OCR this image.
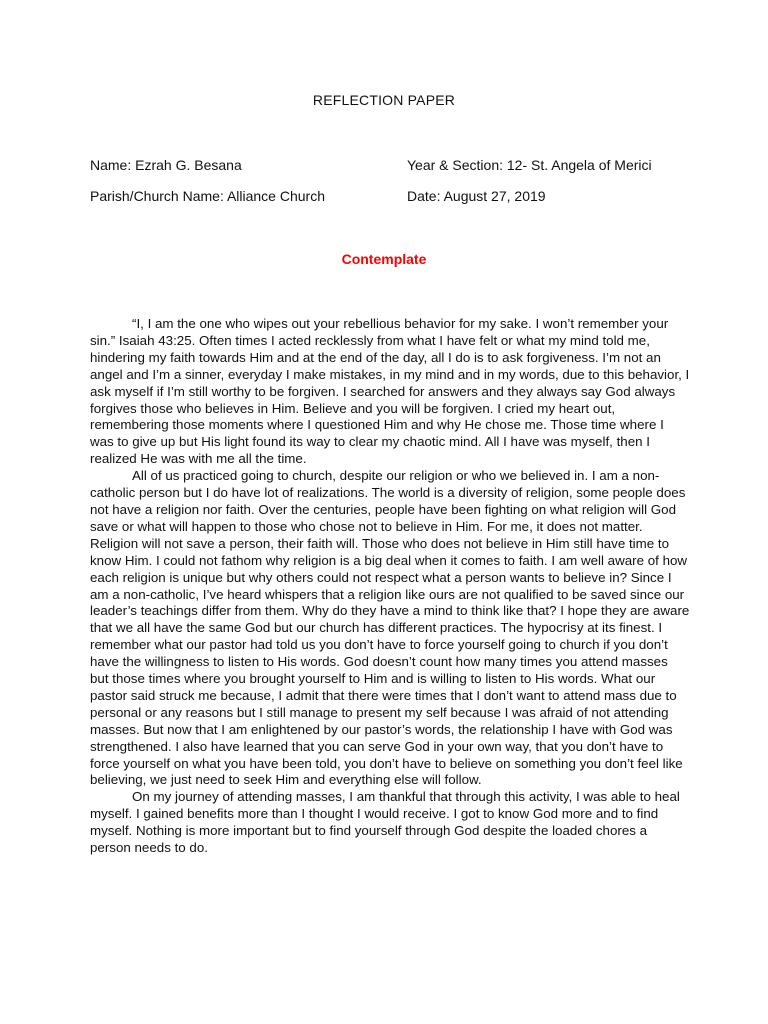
REFLECTION PAPER
Name: Ezrah G. Besana	Year & Section: 12- St. Angela of Merici
Parish/Church Name: Alliance Church	Date: August 27, 2019
Contemplate

“I, I am the one who wipes out your rebellious behavior for my sake. I won’t remember your sin.” Isaiah 43:25. Often times I acted recklessly from what I have felt or what my mind told me, hindering my faith towards Him and at the end of the day, all I do is to ask forgiveness. I’m not an angel and I’m a sinner, everyday I make mistakes, in my mind and in my words, due to this behavior, I ask myself if I’m still worthy to be forgiven. I searched for answers and they always say God always forgives those who believes in Him. Believe and you will be forgiven. I cried my heart out, remembering those moments where I questioned Him and why He chose me. Those time where I was to give up but His light found its way to clear my chaotic mind. All I have was myself, then I realized He was with me all the time.

All of us practiced going to church, despite our religion or who we believed in. I am a non-catholic person but I do have lot of realizations. The world is a diversity of religion, some people does not have a religion nor faith. Over the centuries, people have been fighting on what religion will God save or what will happen to those who chose not to believe in Him. For me, it does not matter. Religion will not save a person, their faith will. Those who does not believe in Him still have time to know Him. I could not fathom why religion is a big deal when it comes to faith. I am well aware of how each religion is unique but why others could not respect what a person wants to believe in? Since I am a non-catholic, I’ve heard whispers that a religion like ours are not qualified to be saved since our leader’s teachings differ from them. Why do they have a mind to think like that? I hope they are aware that we all have the same God but our church has different practices. The hypocrisy at its finest. I remember what our pastor had told us you don’t have to force yourself going to church if you don’t have the willingness to listen to His words. God doesn’t count how many times you attend masses but those times where you brought yourself to Him and is willing to listen to His words. What our pastor said struck me because, I admit that there were times that I don’t want to attend mass due to personal or any reasons but I still manage to present my self because I was afraid of not attending masses. But now that I am enlightened by our pastor’s words, the relationship I have with God was strengthened. I also have learned that you can serve God in your own way, that you don’t have to force yourself on what you have been told, you don’t have to believe on something you don’t feel like believing, we just need to seek Him and everything else will follow.

On my journey of attending masses, I am thankful that through this activity, I was able to heal myself. I gained benefits more than I thought I would receive. I got to know God more and to find myself. Nothing is more important but to find yourself through God despite the loaded chores a person needs to do.
